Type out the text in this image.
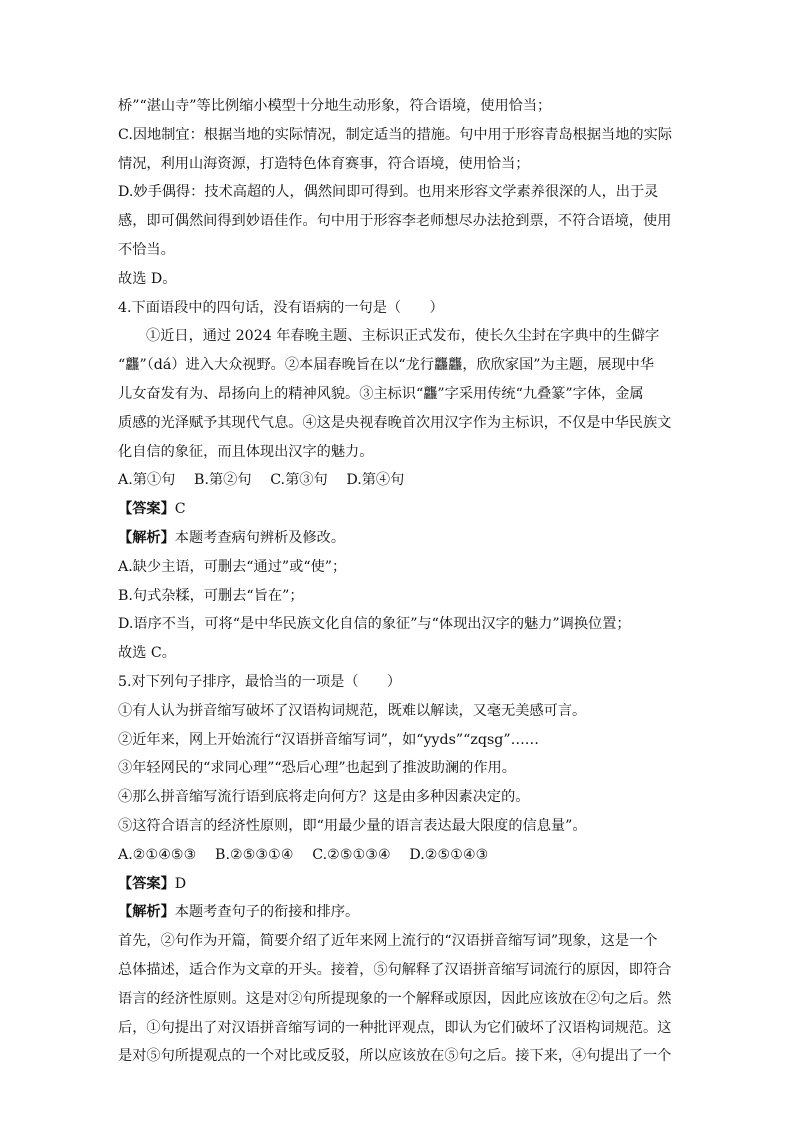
桥”“湛山寺”等比例缩小模型十分地生动形象，符合语境，使用恰当；
C.因地制宜：根据当地的实际情况，制定适当的措施。句中用于形容青岛根据当地的实际
情况，利用山海资源，打造特色体育赛事，符合语境，使用恰当；
D.妙手偶得：技术高超的人，偶然间即可得到。也用来形容文学素养很深的人，出于灵
感，即可偶然间得到妙语佳作。句中用于形容李老师想尽办法抢到票，不符合语境，使用
不恰当。
故选 D。
4.下面语段中的四句话，没有语病的一句是（　　）
①近日，通过 2024 年春晚主题、主标识正式发布，使长久尘封在字典中的生僻字
“龘”（dá）进入大众视野。②本届春晚旨在以“龙行龘龘，欣欣家国”为主题，展现中华
儿女奋发有为、昂扬向上的精神风貌。③主标识“龘”字采用传统“九叠篆”字体，金属
质感的光泽赋予其现代气息。④这是央视春晚首次用汉字作为主标识，不仅是中华民族文
化自信的象征，而且体现出汉字的魅力。
A.第①句　 B.第②句　 C.第③句　 D.第④句
【答案】C
【解析】本题考查病句辨析及修改。
A.缺少主语，可删去“通过”或“使”；
B.句式杂糅，可删去“旨在”；
D.语序不当，可将“是中华民族文化自信的象征”与“体现出汉字的魅力”调换位置；
故选 C。
5.对下列句子排序，最恰当的一项是（　　）
①有人认为拼音缩写破坏了汉语构词规范，既难以解读，又毫无美感可言。
②近年来，网上开始流行“汉语拼音缩写词”，如“yyds”“zqsg”……
③年轻网民的“求同心理”“恐后心理”也起到了推波助澜的作用。
④那么拼音缩写流行语到底将走向何方？这是由多种因素决定的。
⑤这符合语言的经济性原则，即“用最少量的语言表达最大限度的信息量”。
A.②①④⑤③　 B.②⑤③①④　 C.②⑤①③④　 D.②⑤①④③
【答案】D
【解析】本题考查句子的衔接和排序。
首先，②句作为开篇，简要介绍了近年来网上流行的“汉语拼音缩写词”现象，这是一个
总体描述，适合作为文章的开头。接着，⑤句解释了汉语拼音缩写词流行的原因，即符合
语言的经济性原则。这是对②句所提现象的一个解释或原因，因此应该放在②句之后。然
后，①句提出了对汉语拼音缩写词的一种批评观点，即认为它们破坏了汉语构词规范。这
是对⑤句所提观点的一个对比或反驳，所以应该放在⑤句之后。接下来，④句提出了一个
